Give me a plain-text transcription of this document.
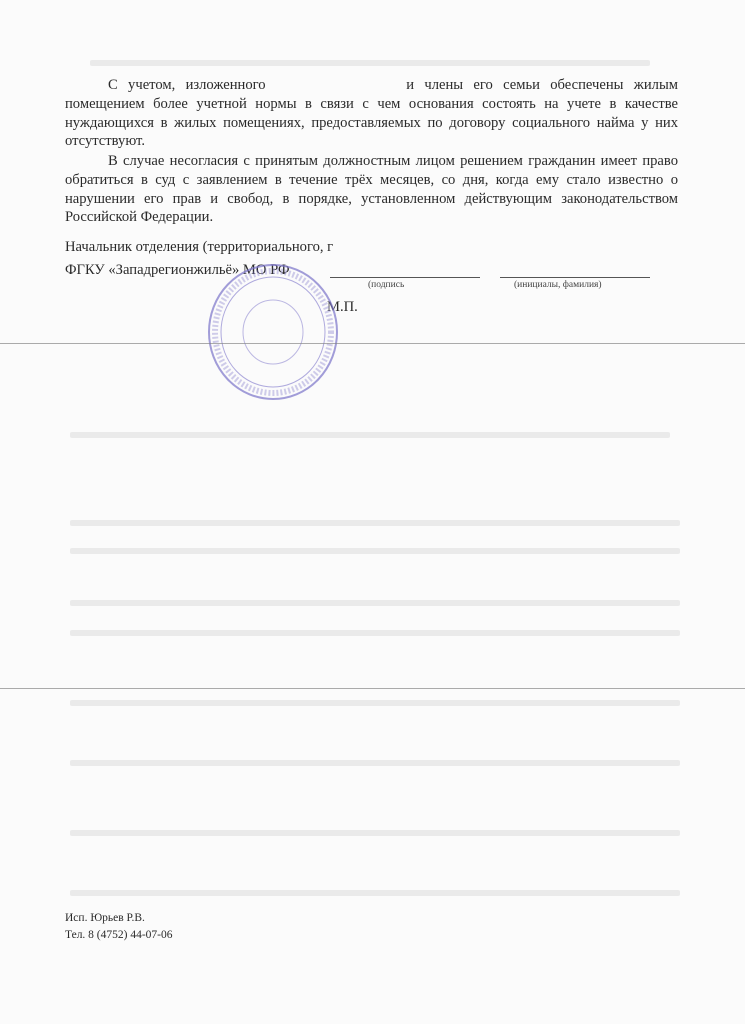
С учетом, изложенного	и члены его семьи обеспечены жилым помещением более учетной нормы в связи с чем основания состоять на учете в качестве нуждающихся в жилых помещениях, предоставляемых по договору социального найма у них отсутствуют.

В случае несогласия с принятым должностным лицом решением гражданин имеет право обратиться в суд с заявлением в течение трёх месяцев, со дня, когда ему стало известно о нарушении его прав и свобод, в порядке, установленном действующим законодательством Российской Федерации.

Начальник отделения (территориального, г
ФГКУ «Западрегионжильё» МО РФ
(подпись	(инициалы, фамилия)
М.П.
Исп. Юрьев Р.В.
Тел. 8 (4752) 44-07-06
